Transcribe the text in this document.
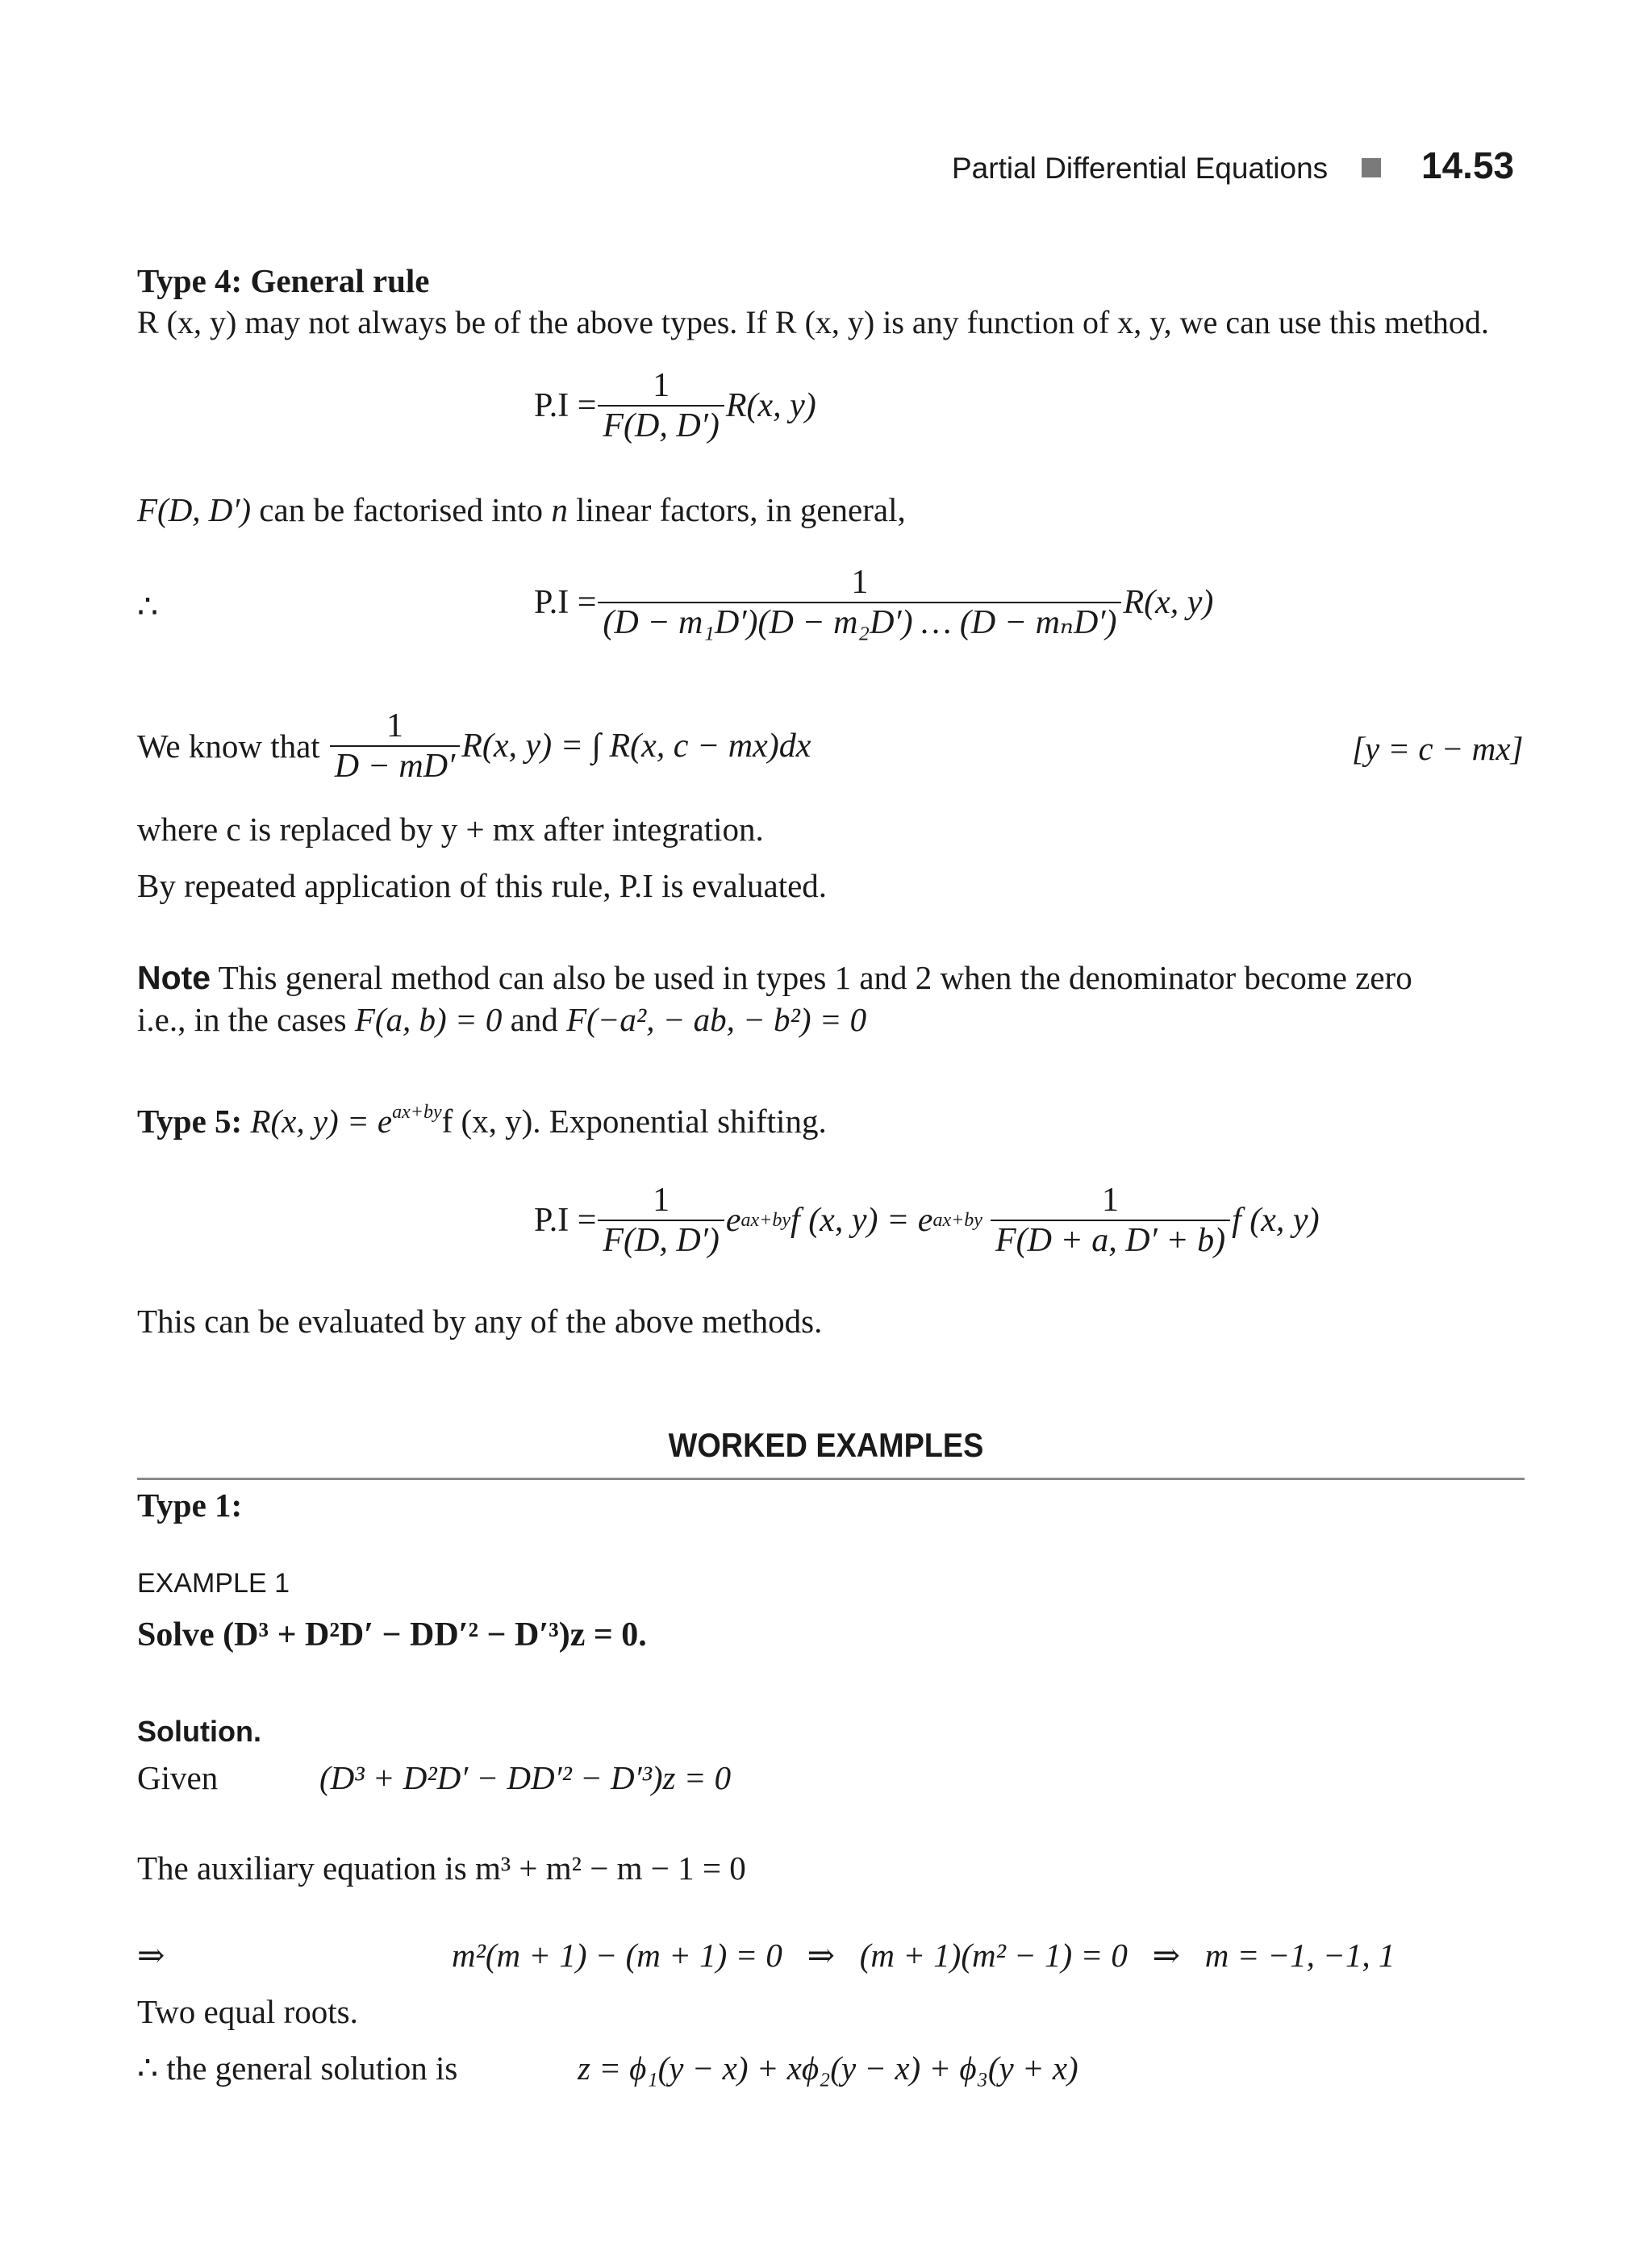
Partial Differential Equations	14.53
Type 4: General rule
R (x, y) may not always be of the above types. If R (x, y) is any function of x, y, we can use this method.
$P.I = \frac{1}{F(D, D')} R(x$, y)
F(D, D′) can be factorised into n linear factors, in general,
∴	$P.I = \frac{1}{\text{(D − m₁D′)(D − m₂D′) … (D − mₙD′)}} R(x$, y)
We know that $\frac{1}{D - mD'} R(x$, y) = ∫ R(x, c − mx)dx	[y = c − mx]
where c is replaced by y + mx after integration.
By repeated application of this rule, P.I is evaluated.
Note This general method can also be used in types 1 and 2 when the denominator become zero
i.e., in the cases F(a, b) = 0 and F(−a², − ab, − b²) = 0
Type 5: R(x, $y) = e^{ax+by}f$ (x, y). Exponential shifting.
$P.I = \frac{1}{F(D, D')}$ e ax+by f (x, y) = e $ax+by \frac{1}{F(D + a, D' + b)}$ f (x, y)
This can be evaluated by any of the above methods.
WORKED EXAMPLES
Type 1:
EXAMPLE 1
Solve (D³ + D²D′ − DD′² − D′³)z = 0.
Solution.
Given	(D³ + D²D′ − DD′² − D′³)z = 0
The auxiliary equation is m³ + m² − m − 1 = 0
⇒	m²(m + 1) − (m + 1) = 0   ⇒   (m + 1)(m² − 1) = 0   ⇒   m = −1, −1, 1
Two equal roots.
∴ the general solution is	z = ϕ₁(y − x) + xϕ₂(y − x) + ϕ₃(y + x)
